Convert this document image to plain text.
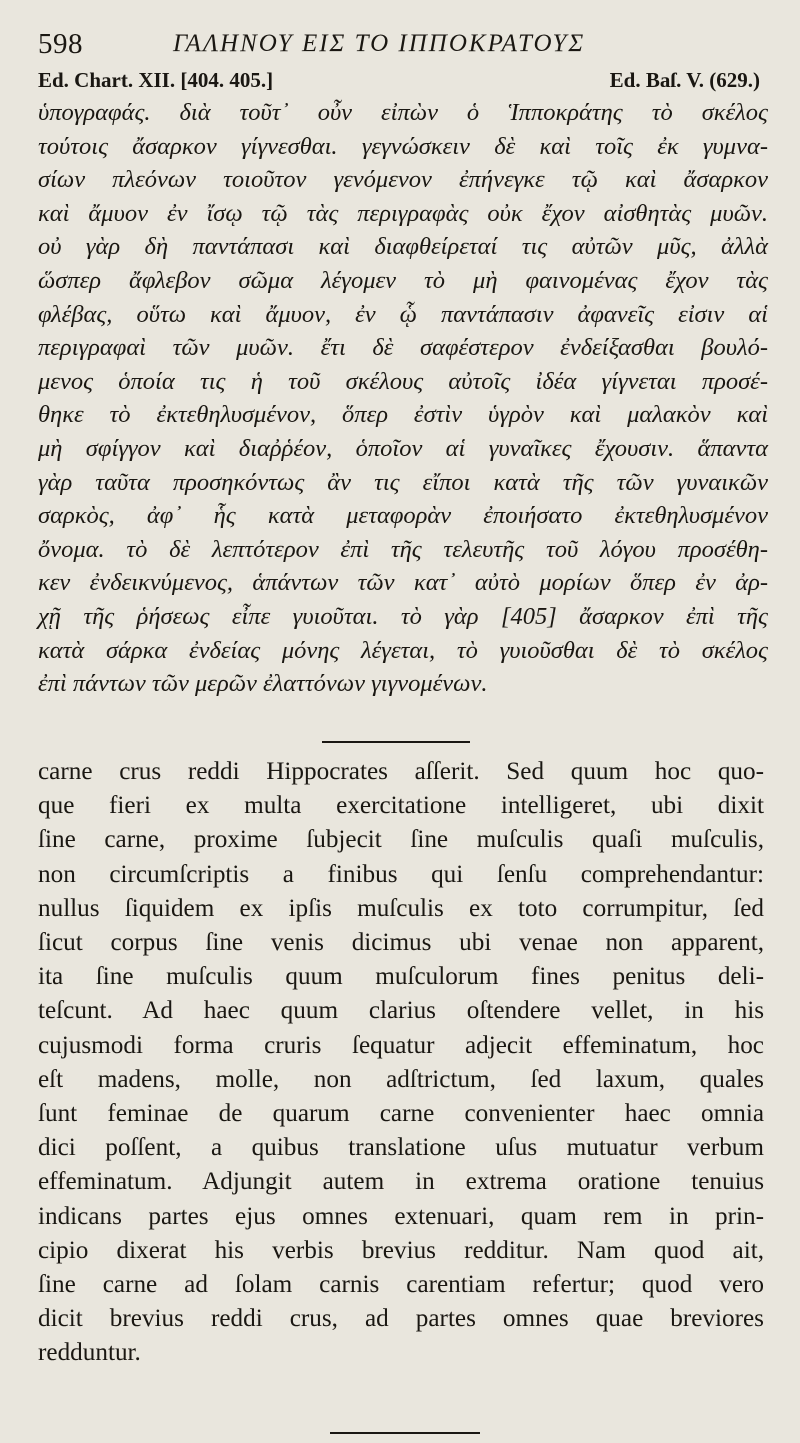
598	ΓΑΛΗΝΟΥ ΕΙΣ ΤΟ ΙΠΠΟΚΡΑΤΟΥΣ
Ed. Chart. XII. [404. 405.]	Ed. Baſ. V. (629.)
ὑπογραφάς. διὰ τοῦτ᾽ οὖν εἰπὼν ὁ Ἱπποκράτης τὸ σκέλος
τούτοις ἄσαρκον γίγνεσθαι. γεγνώσκειν δὲ καὶ τοῖς ἐκ γυμνα-
σίων πλεόνων τοιοῦτον γενόμενον ἐπήνεγκε τῷ καὶ ἄσαρκον
καὶ ἄμυον ἐν ἴσῳ τῷ τὰς περιγραφὰς οὐκ ἔχον αἰσθητὰς μυῶν.
οὐ γὰρ δὴ παντάπασι καὶ διαφθείρεταί τις αὐτῶν μῦς, ἀλλὰ
ὥσπερ ἄφλεβον σῶμα λέγομεν τὸ μὴ φαινομένας ἔχον τὰς
φλέβας, οὕτω καὶ ἄμυον, ἐν ᾧ παντάπασιν ἀφανεῖς εἰσιν αἱ
περιγραφαὶ τῶν μυῶν. ἔτι δὲ σαφέστερον ἐνδείξασθαι βουλό-
μενος ὁποία τις ἡ τοῦ σκέλους αὐτοῖς ἰδέα γίγνεται προσέ-
θηκε τὸ ἐκτεθηλυσμένον, ὅπερ ἐστὶν ὑγρὸν καὶ μαλακὸν καὶ
μὴ σφίγγον καὶ διαῤῥέον, ὁποῖον αἱ γυναῖκες ἔχουσιν. ἅπαντα
γὰρ ταῦτα προσηκόντως ἂν τις εἴποι κατὰ τῆς τῶν γυναικῶν
σαρκὸς, ἀφ᾽ ἧς κατὰ μεταφορὰν ἐποιήσατο ἐκτεθηλυσμένον
ὄνομα. τὸ δὲ λεπτότερον ἐπὶ τῆς τελευτῆς τοῦ λόγου προσέθη-
κεν ἐνδεικνύμενος, ἁπάντων τῶν κατ᾽ αὐτὸ μορίων ὅπερ ἐν ἀρ-
χῇ τῆς ῥήσεως εἶπε γυιοῦται. τὸ γὰρ [405] ἄσαρκον ἐπὶ τῆς
κατὰ σάρκα ἐνδείας μόνης λέγεται, τὸ γυιοῦσθαι δὲ τὸ σκέλος
ἐπὶ πάντων τῶν μερῶν ἐλαττόνων γιγνομένων.
carne crus reddi Hippocrates aſſerit. Sed quum hoc quo-
que fieri ex multa exercitatione intelligeret, ubi dixit
ſine carne, proxime ſubjecit ſine muſculis quaſi muſculis,
non circumſcriptis a finibus qui ſenſu comprehendantur:
nullus ſiquidem ex ipſis muſculis ex toto corrumpitur, ſed
ſicut corpus ſine venis dicimus ubi venae non apparent,
ita ſine muſculis quum muſculorum fines penitus deli-
teſcunt. Ad haec quum clarius oſtendere vellet, in his
cujusmodi forma cruris ſequatur adjecit effeminatum, hoc
eſt madens, molle, non adſtrictum, ſed laxum, quales
ſunt feminae de quarum carne convenienter haec omnia
dici poſſent, a quibus translatione uſus mutuatur verbum
effeminatum. Adjungit autem in extrema oratione tenuius
indicans partes ejus omnes extenuari, quam rem in prin-
cipio dixerat his verbis brevius redditur. Nam quod ait,
ſine carne ad ſolam carnis carentiam refertur; quod vero
dicit brevius reddi crus, ad partes omnes quae breviores
redduntur.
